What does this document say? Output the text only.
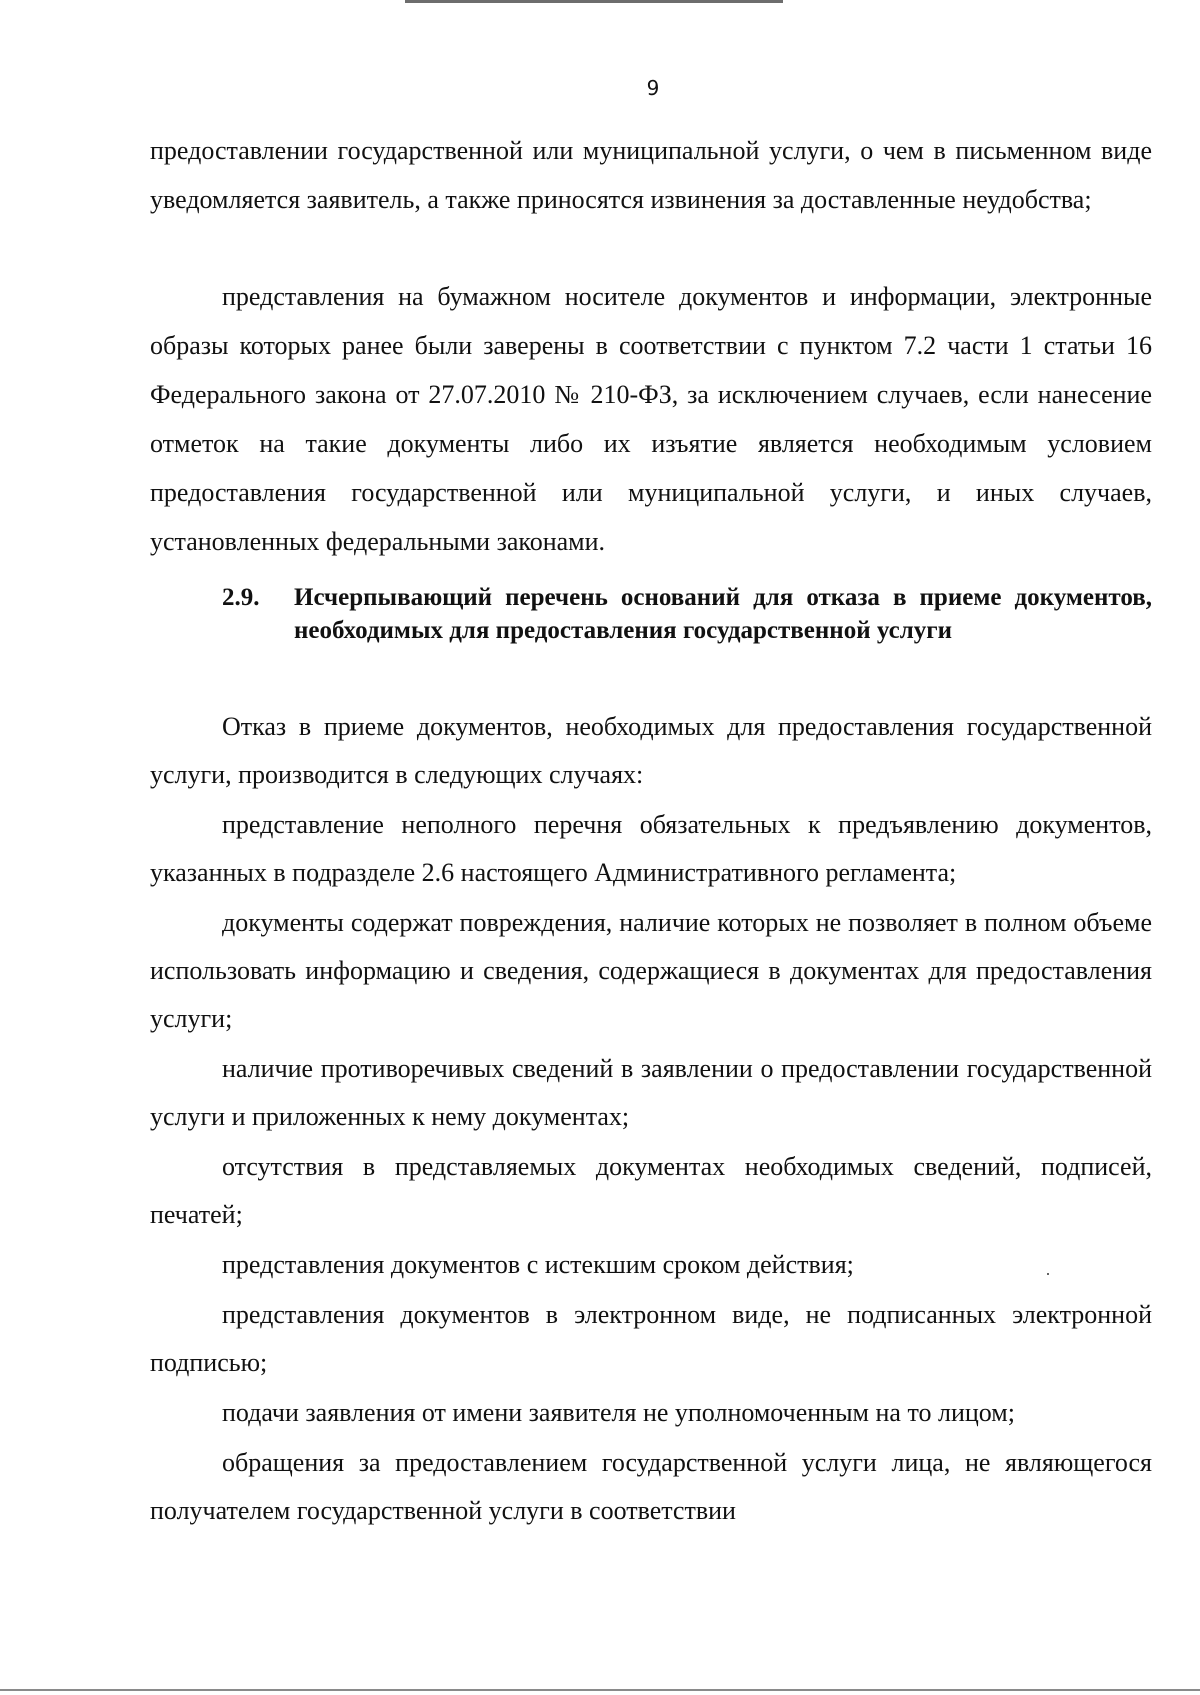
9

предоставлении государственной или муниципальной услуги, о чем в письменном виде уведомляется заявитель, а также приносятся извинения за доставленные неудобства;

представления на бумажном носителе документов и информации, электронные образы которых ранее были заверены в соответствии с пунктом 7.2 части 1 статьи 16 Федерального закона от 27.07.2010 № 210-ФЗ, за исключением случаев, если нанесение отметок на такие документы либо их изъятие является необходимым условием предоставления государственной или муниципальной услуги, и иных случаев, установленных федеральными законами.

2.9.	Исчерпывающий перечень оснований для отказа в приеме документов, необходимых для предоставления государственной услуги

Отказ в приеме документов, необходимых для предоставления государственной услуги, производится в следующих случаях:

представление неполного перечня обязательных к предъявлению документов, указанных в подразделе 2.6 настоящего Административного регламента;

документы содержат повреждения, наличие которых не позволяет в полном объеме использовать информацию и сведения, содержащиеся в документах для предоставления услуги;

наличие противоречивых сведений в заявлении о предоставлении государственной услуги и приложенных к нему документах;

отсутствия в представляемых документах необходимых сведений, подписей, печатей;

представления документов с истекшим сроком действия;

представления документов в электронном виде, не подписанных электронной подписью;

подачи заявления от имени заявителя не уполномоченным на то лицом;

обращения за предоставлением государственной услуги лица, не являющегося получателем государственной услуги в соответствии
